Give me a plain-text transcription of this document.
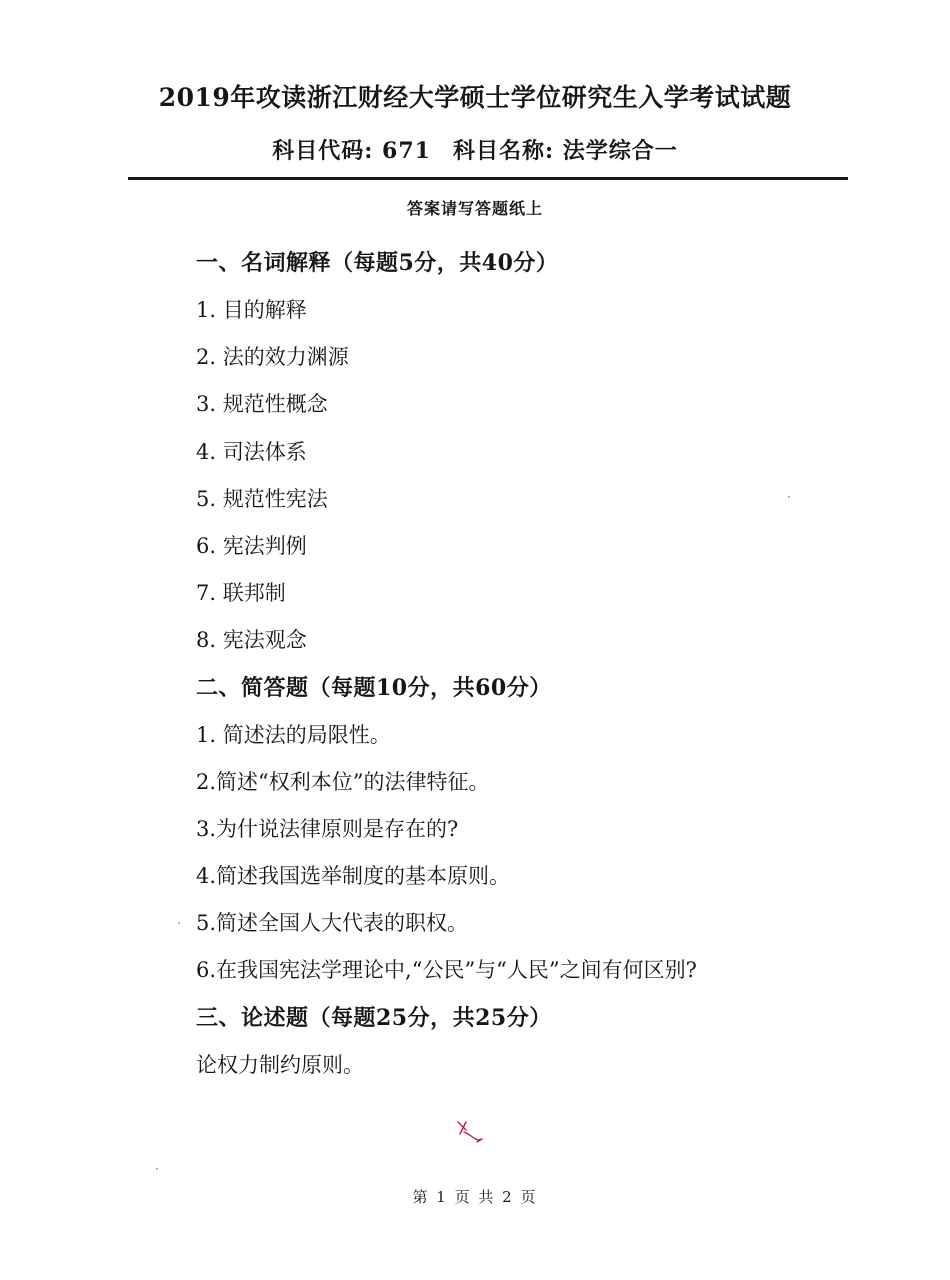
2019年攻读浙江财经大学硕士学位研究生入学考试试题
科目代码: 671 科目名称: 法学综合一
答案请写答题纸上
一、名词解释（每题5分，共40分）
1. 目的解释
2. 法的效力渊源
3. 规范性概念
4. 司法体系
5. 规范性宪法
6. 宪法判例
7. 联邦制
8. 宪法观念
二、简答题（每题10分，共60分）
1. 简述法的局限性。
2.简述“权利本位”的法律特征。
3.为什说法律原则是存在的?
4.简述我国选举制度的基本原则。
5.简述全国人大代表的职权。
6.在我国宪法学理论中,“公民”与“人民”之间有何区别?
三、论述题（每题25分，共25分）
论权力制约原则。
第 1 页 共 2 页
